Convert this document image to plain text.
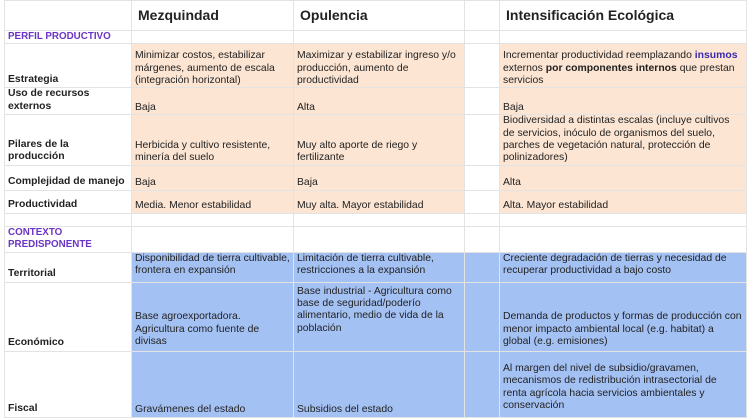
	Mezquindad	Opulencia		Intensificación Ecológica
PERFIL PRODUCTIVO				
Estrategia	Minimizar costos, estabilizar márgenes, aumento de escala (integración horizontal)	Maximizar y estabilizar ingreso y/o producción, aumento de productividad		Incrementar productividad reemplazando insumos externos por componentes internos que prestan servicios
Uso de recursos externos	Baja	Alta		Baja
Pilares de la producción	Herbicida y cultivo resistente, minería del suelo	Muy alto aporte de riego y fertilizante		Biodiversidad a distintas escalas (incluye cultivos de servicios, inóculo de organismos del suelo, parches de vegetación natural, protección de polinizadores)
Complejidad de manejo	Baja	Baja		Alta
Productividad	Media. Menor estabilidad	Muy alta. Mayor estabilidad		Alta. Mayor estabilidad

CONTEXTO PREDISPONENTE				
Territorial	Disponibilidad de tierra cultivable, frontera en expansión	Limitación de tierra cultivable, restricciones a la expansión		Creciente degradación de tierras y necesidad de recuperar productividad a bajo costo
Económico	Base agroexportadora. Agricultura como fuente de divisas	Base industrial - Agricultura como base de seguridad/poderío alimentario, medio de vida de la población		Demanda de productos y formas de producción con menor impacto ambiental local (e.g. habitat) a global (e.g. emisiones)
Fiscal	Gravámenes del estado	Subsidios del estado		Al margen del nivel de subsidio/gravamen, mecanismos de redistribución intrasectorial de renta agrícola hacia servicios ambientales y conservación
